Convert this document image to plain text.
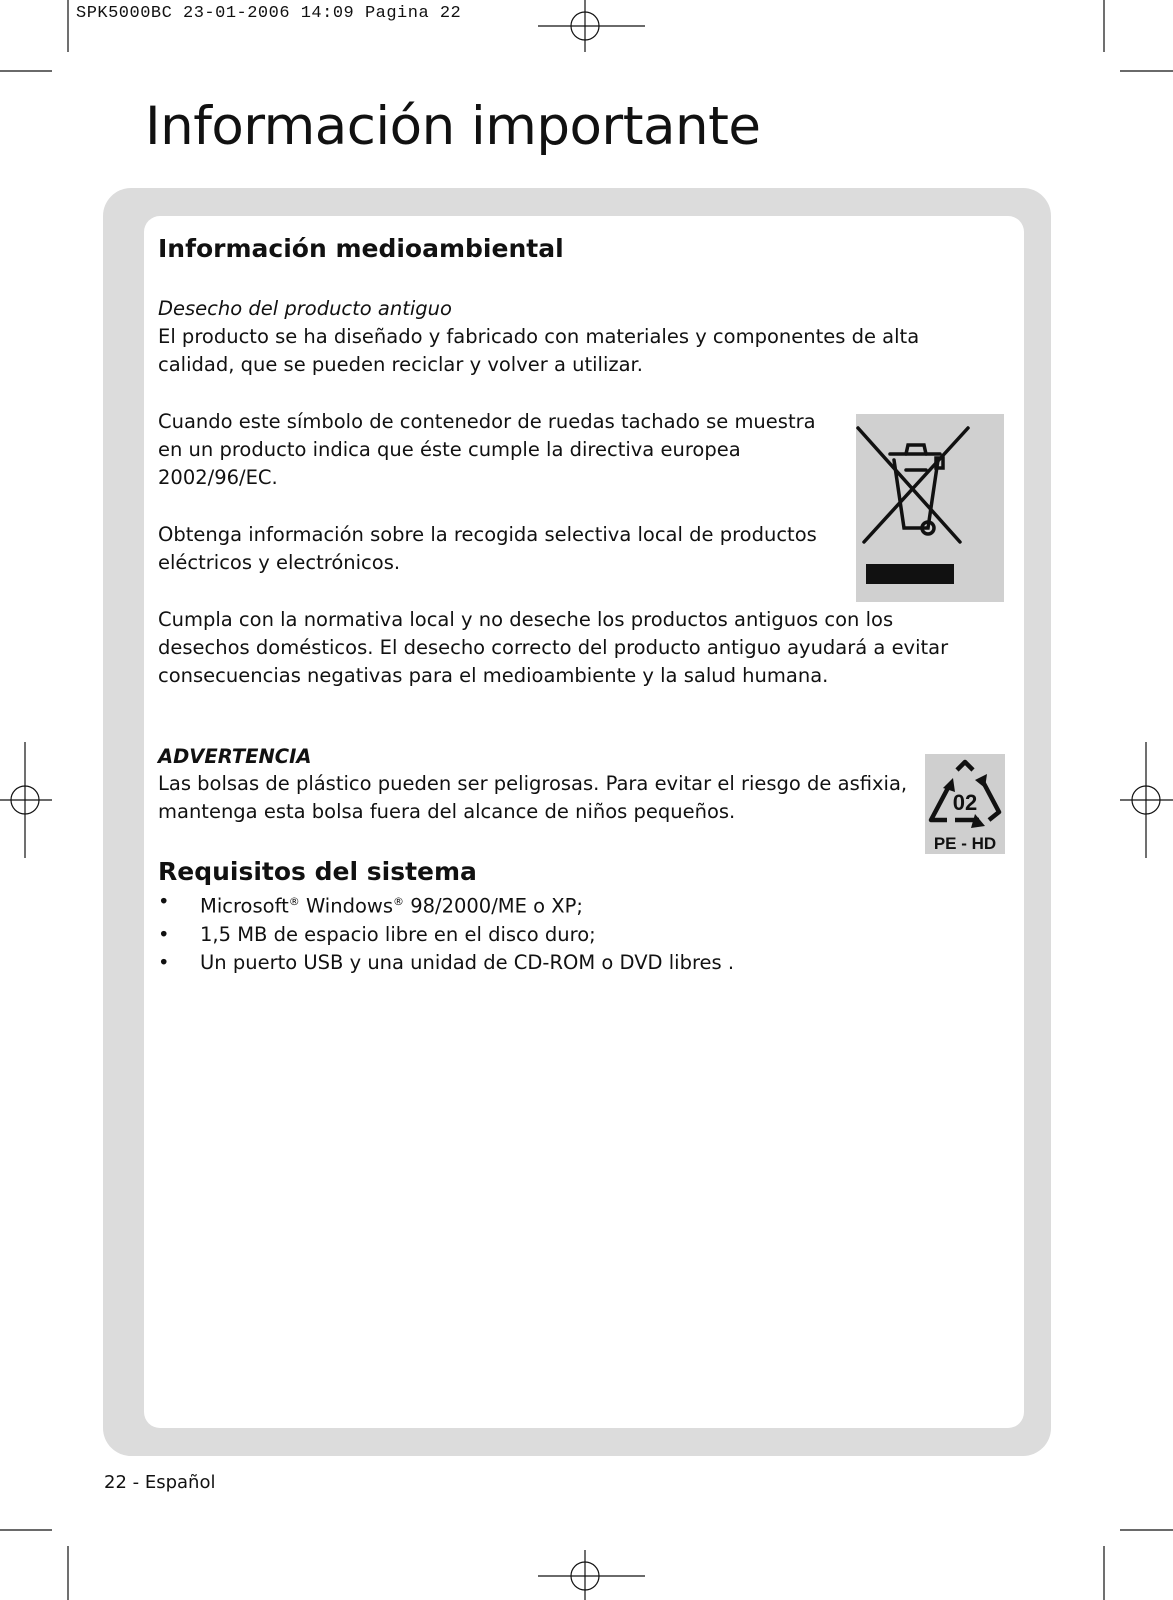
SPK5000BC 23-01-2006 14:09 Pagina 22
Información importante
Información medioambiental

Desecho del producto antiguo

El producto se ha diseñado y fabricado con materiales y componentes de alta calidad, que se pueden reciclar y volver a utilizar.

Cuando este símbolo de contenedor de ruedas tachado se muestra en un producto indica que éste cumple la directiva europea 2002/96/EC.

Obtenga información sobre la recogida selectiva local de productos eléctricos y electrónicos.

Cumpla con la normativa local y no deseche los productos antiguos con los desechos domésticos. El desecho correcto del producto antiguo ayudará a evitar consecuencias negativas para el medioambiente y la salud humana.

ADVERTENCIA

Las bolsas de plástico pueden ser peligrosas. Para evitar el riesgo de asfixia, mantenga esta bolsa fuera del alcance de niños pequeños.	02
PE - HD
Requisitos del sistema
• Microsoft® Windows® 98/2000/ME o XP;
• 1,5 MB de espacio libre en el disco duro;
• Un puerto USB y una unidad de CD-ROM o DVD libres .
22 - Español
